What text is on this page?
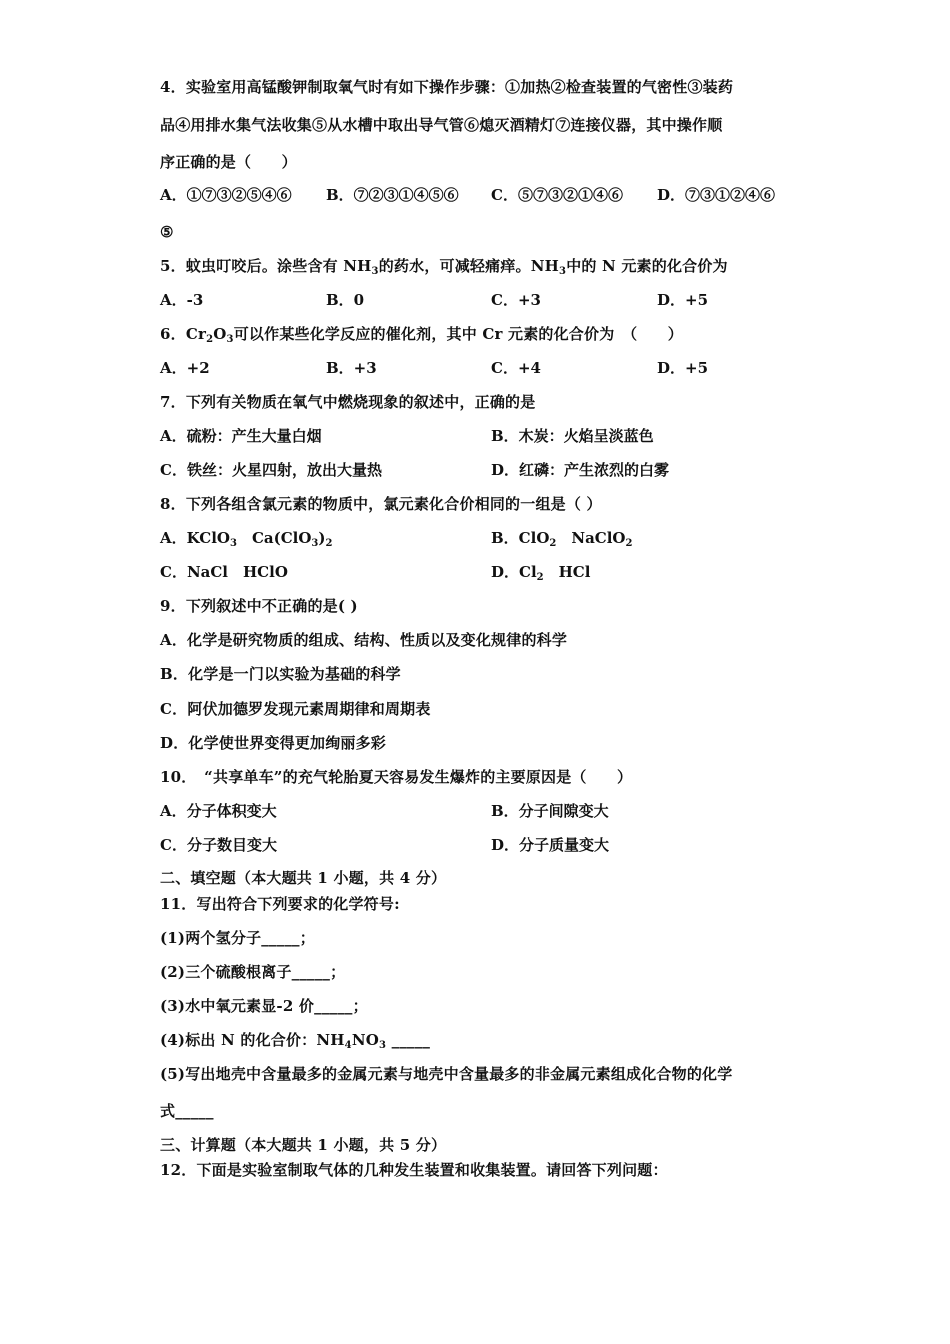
4．实验室用高锰酸钾制取氧气时有如下操作步骤：①加热②检查装置的气密性③装药
品④用排水集气法收集⑤从水槽中取出导气管⑥熄灭酒精灯⑦连接仪器，其中操作顺
序正确的是（　　）
A．①⑦③②⑤④⑥ B．⑦②③①④⑤⑥ C．⑤⑦③②①④⑥ D．⑦③①②④⑥
⑤
5．蚊虫叮咬后。涂些含有 $NH_3$的药水，可减轻痛痒。$NH_3$中的 N 元素的化合价为
A．-3	B．0	C．+3	D．+5
6．$Cr_2O_3$可以作某些化学反应的催化剂，其中 Cr 元素的化合价为　（　　）
A．+2	B．+3	C．+4	D．+5
7．下列有关物质在氧气中燃烧现象的叙述中，正确的是
A．硫粉：产生大量白烟	B．木炭：火焰呈淡蓝色
C．铁丝：火星四射，放出大量热	D．红磷：产生浓烈的白雾
8．下列各组含氯元素的物质中，氯元素化合价相同的一组是（ ）
A．KClO$_3$　$Ca(ClO_3)_2$	B．ClO$_2$　NaClO$_2$
C．NaCl　HClO	D．$Cl_2$　HCl
9．下列叙述中不正确的是( )
A．化学是研究物质的组成、结构、性质以及变化规律的科学
B．化学是一门以实验为基础的科学
C．阿伏加德罗发现元素周期律和周期表
D．化学使世界变得更加绚丽多彩
10．　“共享单车”的充气轮胎夏天容易发生爆炸的主要原因是（　　）
A．分子体积变大	B．分子间隙变大
C．分子数目变大	D．分子质量变大
二、填空题（本大题共 1 小题，共 4 分）
11．写出符合下列要求的化学符号:
(1)两个氢分子_____；
(2)三个硫酸根离子_____；
(3)水中氧元素显-2 价_____；
(4)标出 N 的化合价：$NH_4NO_3$ _____
(5)写出地壳中含量最多的金属元素与地壳中含量最多的非金属元素组成化合物的化学
式_____
三、计算题（本大题共 1 小题，共 5 分）
12．下面是实验室制取气体的几种发生装置和收集装置。请回答下列问题：
